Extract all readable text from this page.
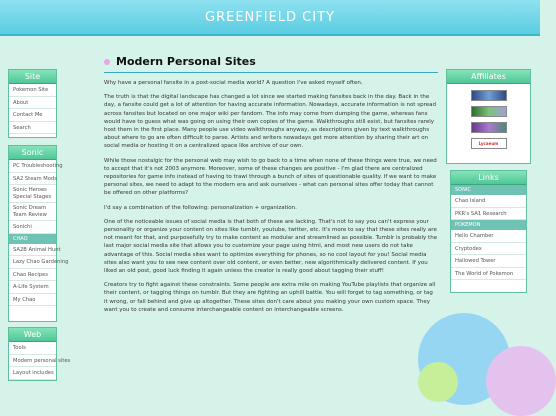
GREENFIELD CITY
Site
Pokemon Site
About
Contact Me
Search
Sonic
PC Troubleshooting
SA2 Steam Mods
Sonic Heroes Special Stages
Sonic Dream Team Review
Sonichi
CHAO
SA2B Animal Hunt
Lazy Chao Gardening
Chao Recipes
A-Life System
My Chao
Web
Tools
Modern personal sites
Layout includes
Modern Personal Sites

Why have a personal fansite in a post-social media world? A question I've asked myself often.

The truth is that the digital landscape has changed a lot since we started making fansites back in the day. Back in the day, a fansite could get a lot of attention for having accurate information. Nowadays, accurate information is not spread across fansites but located on one major wiki per fandom. The info may come from dumping the game, whereas fans would have to guess what was going on using their own copies of the game. Walkthroughs still exist, but fansites rarely host them in the first place. Many people use video walkthroughs anyway, as descriptions given by text walkthroughs about where to go are often difficult to parse. Artists and writers nowadays get more attention by sharing their art on social media or hosting it on a centralized space like archive of our own.

While those nostalgic for the personal web may wish to go back to a time when none of these things were true, we need to accept that it's not 2003 anymore. Moreover, some of these changes are positive - I'm glad there are centralized repositories for game info instead of having to trawl through a bunch of sites of questionable quality. If we want to make personal sites, we need to adapt to the modern era and ask ourselves - what can personal sites offer today that cannot be offered on other platforms?

I'd say a combination of the following: personalization + organization.

One of the noticeable issues of social media is that both of these are lacking. That's not to say you can't express your personality or organize your content on sites like tumblr, youtube, twitter, etc. It's more to say that these sites really are not meant for that, and purposefully try to make content as modular and streamlined as possible. Tumblr is probably the last major social media site that allows you to customize your page using html, and most new users do not take advantage of this. Social media sites want to optimize everything for phones, so no cool layout for you! Social media sites also want you to see new content over old content, or even better, new algorithmically delivered content. If you liked an old post, good luck finding it again unless the creator is really good about tagging their stuff!

Creators try to fight against these constraints. Some people are extra mile on making YouTube playlists that organize all their content, or tagging things on tumblr. But they are fighting an uphill battle. You will forget to tag something, or tag it wrong, or fall behind and give up altogether. These sites don't care about you making your own custom space. They want you to create and consume interchangeable content on interchangeable screens.

Affiliates
Lycaeum
Links
SONIC
Chao Island
PKR's SA1 Research
POKEMON
Hello Chamber
Cryptodex
Hallowed Tower
The World of Pokemon
